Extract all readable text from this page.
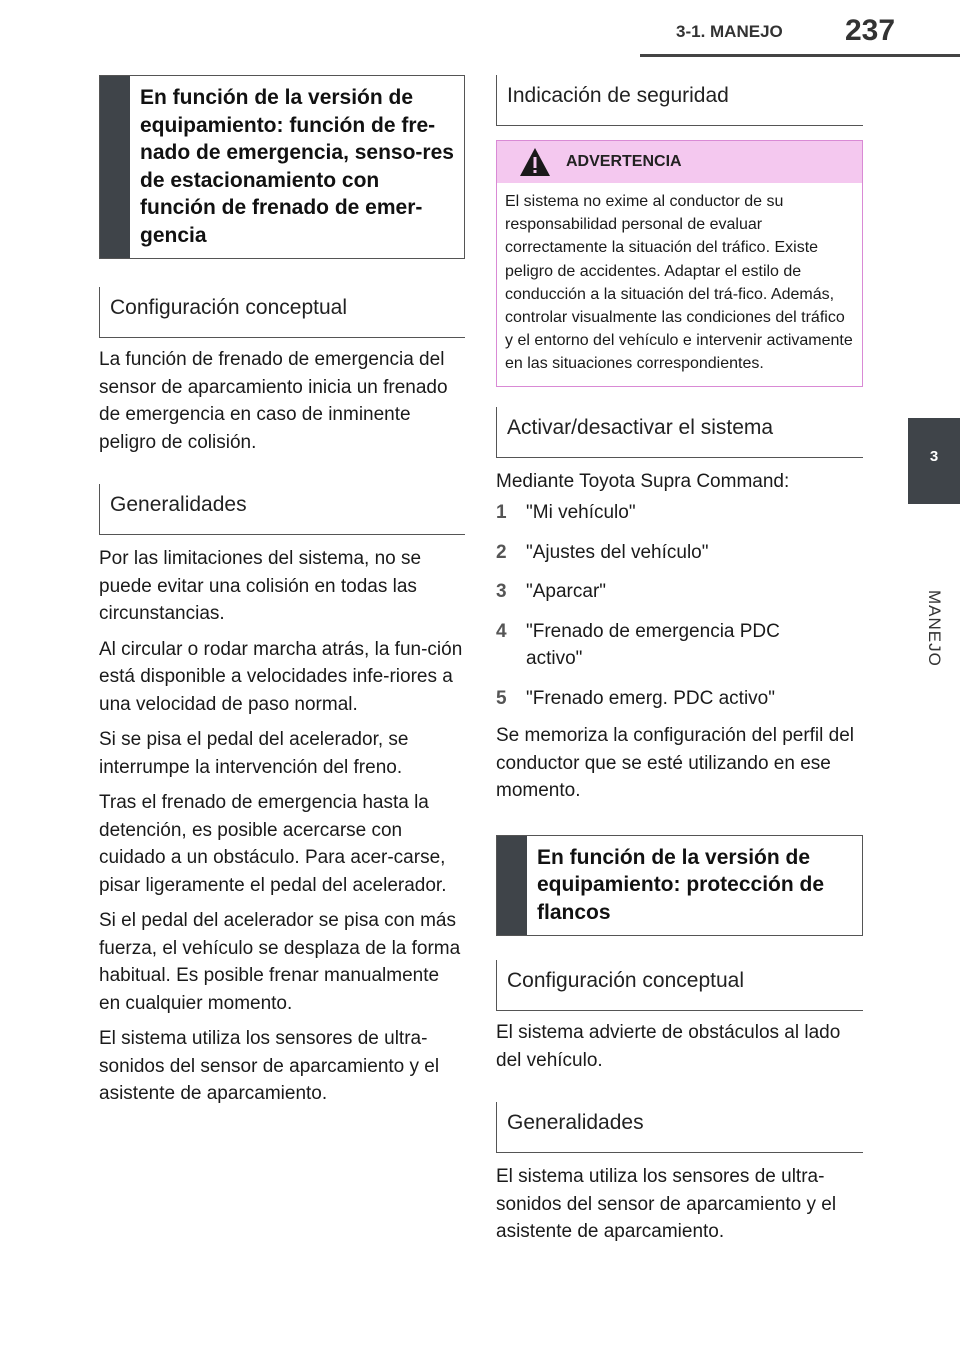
3-1. MANEJO 237
3
MANEJO
En función de la versión de equipamiento: función de fre-nado de emergencia, senso-res de estacionamiento con función de frenado de emer-gencia
Configuración conceptual

La función de frenado de emergencia del sensor de aparcamiento inicia un frenado de emergencia en caso de inminente peligro de colisión.

Generalidades

Por las limitaciones del sistema, no se puede evitar una colisión en todas las circunstancias.

Al circular o rodar marcha atrás, la fun-ción está disponible a velocidades infe-riores a una velocidad de paso normal.

Si se pisa el pedal del acelerador, se interrumpe la intervención del freno.

Tras el frenado de emergencia hasta la detención, es posible acercarse con cuidado a un obstáculo. Para acer-carse, pisar ligeramente el pedal del acelerador.

Si el pedal del acelerador se pisa con más fuerza, el vehículo se desplaza de la forma habitual. Es posible frenar manualmente en cualquier momento.

El sistema utiliza los sensores de ultra-sonidos del sensor de aparcamiento y el asistente de aparcamiento.

Indicación de seguridad
ADVERTENCIA
El sistema no exime al conductor de su responsabilidad personal de evaluar correctamente la situación del tráfico. Existe peligro de accidentes. Adaptar el estilo de conducción a la situación del trá-fico. Además, controlar visualmente las condiciones del tráfico y el entorno del vehículo e intervenir activamente en las situaciones correspondientes.
Activar/desactivar el sistema

Mediante Toyota Supra Command:

1 "Mi vehículo"
2 "Ajustes del vehículo"
3 "Aparcar"
4 "Frenado de emergencia PDC activo"
5 "Frenado emerg. PDC activo"

Se memoriza la configuración del perfil del conductor que se esté utilizando en ese momento.

En función de la versión de equipamiento: protección de flancos
Configuración conceptual

El sistema advierte de obstáculos al lado del vehículo.

Generalidades

El sistema utiliza los sensores de ultra-sonidos del sensor de aparcamiento y el asistente de aparcamiento.
